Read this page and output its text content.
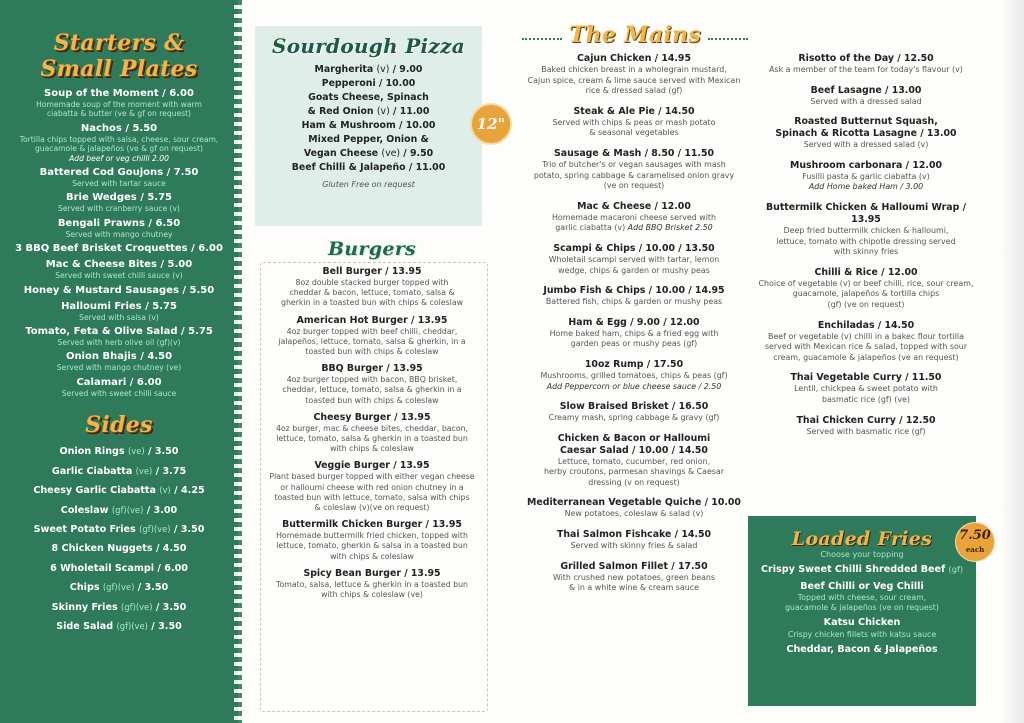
Starters &
Small Plates
Soup of the Moment / 6.00
Homemade soup of the moment with warm
ciabatta & butter (ve & gf on request)
Nachos / 5.50
Tortilla chips topped with salsa, cheese, sour cream,
guacamole & jalapeños (ve & gf on request)
Add beef or veg chilli 2.00
Battered Cod Goujons / 7.50
Served with tartar sauce
Brie Wedges / 5.75
Served with cranberry sauce (v)
Bengali Prawns / 6.50
Served with mango chutney
3 BBQ Beef Brisket Croquettes / 6.00
Mac & Cheese Bites / 5.00
Served with sweet chilli sauce (v)
Honey & Mustard Sausages / 5.50
Halloumi Fries / 5.75
Served with salsa (v)
Tomato, Feta & Olive Salad / 5.75
Served with herb olive oil (gf)(v)
Onion Bhajis / 4.50
Served with mango chutney (ve)
Calamari / 6.00
Served with sweet chilli sauce
Sides
Onion Rings (ve) / 3.50
Garlic Ciabatta (ve) / 3.75
Cheesy Garlic Ciabatta (v) / 4.25
Coleslaw (gf)(ve) / 3.00
Sweet Potato Fries (gf)(ve) / 3.50
8 Chicken Nuggets / 4.50
6 Wholetail Scampi / 6.00
Chips (gf)(ve) / 3.50
Skinny Fries (gf)(ve) / 3.50
Side Salad (gf)(ve) / 3.50
Sourdough Pizza
Margherita (v) / 9.00
Pepperoni / 10.00
Goats Cheese, Spinach
& Red Onion (v) / 11.00
Ham & Mushroom / 10.00
Mixed Pepper, Onion &
Vegan Cheese (ve) / 9.50
Beef Chilli & Jalapeño / 11.00
Gluten Free on request
12"
Burgers
Bell Burger / 13.95
8oz double stacked burger topped with
cheddar & bacon, lettuce, tomato, salsa &
gherkin in a toasted bun with chips & coleslaw
American Hot Burger / 13.95
4oz burger topped with beef chilli, cheddar,
jalapeños, lettuce, tomato, salsa & gherkin, in a
toasted bun with chips & coleslaw
BBQ Burger / 13.95
4oz burger topped with bacon, BBQ brisket,
cheddar, lettuce, tomato, salsa & gherkin in a
toasted bun with chips & coleslaw
Cheesy Burger / 13.95
4oz burger, mac & cheese bites, cheddar, bacon,
lettuce, tomato, salsa & gherkin in a toasted bun
with chips & coleslaw
Veggie Burger / 13.95
Plant based burger topped with either vegan cheese
or halloumi cheese with red onion chutney in a
toasted bun with lettuce, tomato, salsa with chips
& coleslaw (v)(ve on request)
Buttermilk Chicken Burger / 13.95
Homemade buttermilk fried chicken, topped with
lettuce, tomato, gherkin & salsa in a toasted bun
with chips & coleslaw
Spicy Bean Burger / 13.95
Tomato, salsa, lettuce & gherkin in a toasted bun
with chips & coleslaw (ve)
The Mains
Cajun Chicken / 14.95
Baked chicken breast in a wholegrain mustard,
Cajun spice, cream & lime sauce served with Mexican
rice & dressed salad (gf)
Steak & Ale Pie / 14.50
Served with chips & peas or mash potato
& seasonal vegetables
Sausage & Mash / 8.50 / 11.50
Trio of butcher's or vegan sausages with mash
potato, spring cabbage & caramelised onion gravy
(ve on request)
Mac & Cheese / 12.00
Homemade macaroni cheese served with
garlic ciabatta (v) Add BBQ Brisket 2.50
Scampi & Chips / 10.00 / 13.50
Wholetail scampi served with tartar, lemon
wedge, chips & garden or mushy peas
Jumbo Fish & Chips / 10.00 / 14.95
Battered fish, chips & garden or mushy peas
Ham & Egg / 9.00 / 12.00
Home baked ham, chips & a fried egg with
garden peas or mushy peas (gf)
10oz Rump / 17.50
Mushrooms, grilled tomatoes, chips & peas (gf)
Add Peppercorn or blue cheese sauce / 2.50
Slow Braised Brisket / 16.50
Creamy mash, spring cabbage & gravy (gf)
Chicken & Bacon or Halloumi
Caesar Salad / 10.00 / 14.50
Lettuce, tomato, cucumber, red onion,
herby croutons, parmesan shavings & Caesar
dressing (v on request)
Mediterranean Vegetable Quiche / 10.00
New potatoes, coleslaw & salad (v)
Thai Salmon Fishcake / 14.50
Served with skinny fries & salad
Grilled Salmon Fillet / 17.50
With crushed new potatoes, green beans
& in a white wine & cream sauce
Risotto of the Day / 12.50
Ask a member of the team for today's flavour (v)
Beef Lasagne / 13.00
Served with a dressed salad
Roasted Butternut Squash,
Spinach & Ricotta Lasagne / 13.00
Served with a dressed salad (v)
Mushroom carbonara / 12.00
Fusilli pasta & garlic ciabatta (v)
Add Home baked Ham / 3.00
Buttermilk Chicken & Halloumi Wrap / 13.95
Deep fried buttermilk chicken & halloumi,
lettuce, tomato with chipotle dressing served
with skinny fries
Chilli & Rice / 12.00
Choice of vegetable (v) or beef chilli, rice, sour cream,
guacamole, jalapeños & tortilla chips
(gf) (ve on request)
Enchiladas / 14.50
Beef or vegetable (v) chilli in a bakec flour tortilla
served with Mexican rice & salad, topped with sour
cream, guacamole & jalapeños (ve an request)
Thai Vegetable Curry / 11.50
Lentil, chickpea & sweet potato with
basmatic rice (gf) (ve)
Thai Chicken Curry / 12.50
Served with basmatic rice (gf)
Loaded Fries
Choose your topping
Crispy Sweet Chilli Shredded Beef (gf)
Beef Chilli or Veg Chilli
Topped with cheese, sour cream,
guacamole & jalapeños (ve on request)
Katsu Chicken
Crispy chicken fillets with katsu sauce
Cheddar, Bacon & Jalapeños
7.50
each
